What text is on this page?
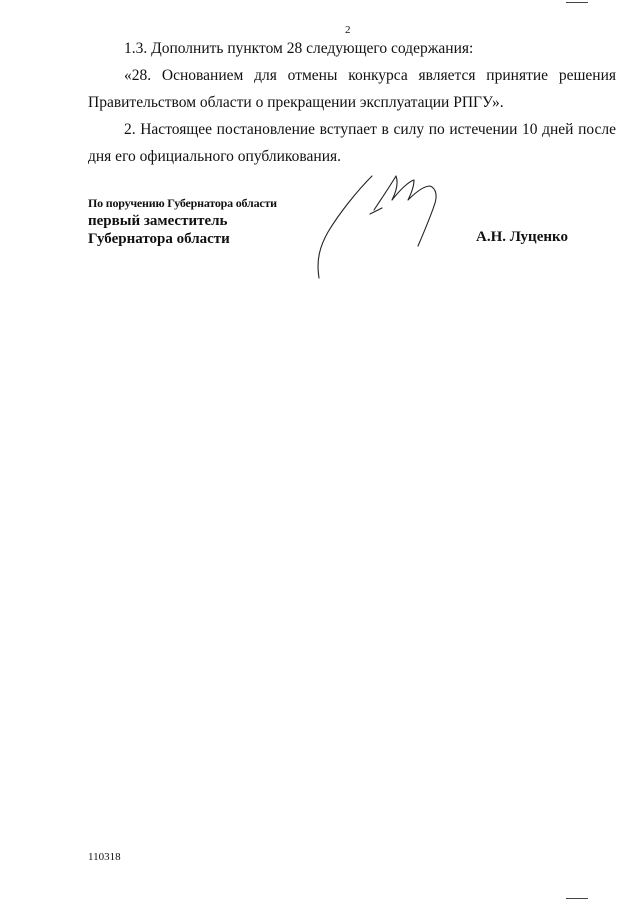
2

1.3. Дополнить пунктом 28 следующего содержания:

«28. Основанием для отмены конкурса является принятие решения Правительством области о прекращении эксплуатации РПГУ».

2. Настоящее постановление вступает в силу по истечении 10 дней после дня его официального опубликования.

По поручению Губернатора области
первый заместитель
Губернатора области	А.Н. Луценко
110318
